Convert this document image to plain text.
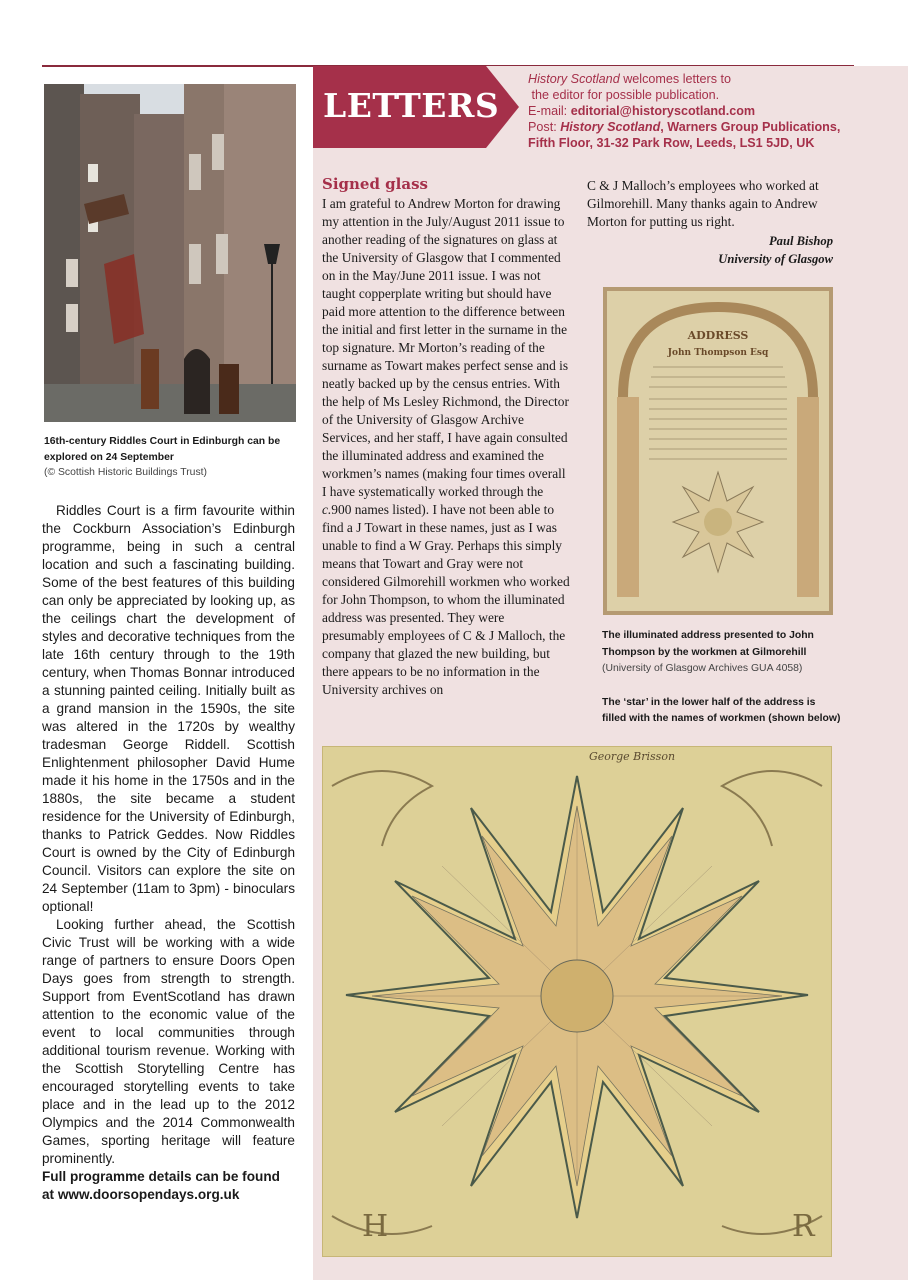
LETTERS
History Scotland welcomes letters to
the editor for possible publication.
E-mail: editorial@historyscotland.com
Post: History Scotland, Warners Group Publications,
Fifth Floor, 31-32 Park Row, Leeds, LS1 5JD, UK
16th-century Riddles Court in Edinburgh can be explored on 24 September
(© Scottish Historic Buildings Trust)

Riddles Court is a firm favourite within the Cockburn Association’s Edinburgh programme, being in such a central location and such a fascinating building. Some of the best features of this building can only be appreciated by looking up, as the ceilings chart the development of styles and decorative techniques from the late 16th century through to the 19th century, when Thomas Bonnar introduced a stunning painted ceiling. Initially built as a grand mansion in the 1590s, the site was altered in the 1720s by wealthy tradesman George Riddell. Scottish Enlightenment philosopher David Hume made it his home in the 1750s and in the 1880s, the site became a student residence for the University of Edinburgh, thanks to Patrick Geddes. Now Riddles Court is owned by the City of Edinburgh Council. Visitors can explore the site on 24 September (11am to 3pm) - binoculars optional!

Looking further ahead, the Scottish Civic Trust will be working with a wide range of partners to ensure Doors Open Days goes from strength to strength. Support from EventScotland has drawn attention to the economic value of the event to local communities through additional tourism revenue. Working with the Scottish Storytelling Centre has encouraged storytelling events to take place and in the lead up to the 2012 Olympics and the 2014 Commonwealth Games, sporting heritage will feature prominently.

Full programme details can be found at www.doorsopendays.org.uk

Signed glass
I am grateful to Andrew Morton for drawing my attention in the July/August 2011 issue to another reading of the signatures on glass at the University of Glasgow that I commented on in the May/June 2011 issue. I was not taught copperplate writing but should have paid more attention to the difference between the initial and first letter in the surname in the top signature. Mr Morton’s reading of the surname as Towart makes perfect sense and is neatly backed up by the census entries. With the help of Ms Lesley Richmond, the Director of the University of Glasgow Archive Services, and her staff, I have again consulted the illuminated address and examined the workmen’s names (making four times overall I have systematically worked through the c.900 names listed). I have not been able to find a J Towart in these names, just as I was unable to find a W Gray. Perhaps this simply means that Towart and Gray were not considered Gilmorehill workmen who worked for John Thompson, to whom the illuminated address was presented. They were presumably employees of C & J Malloch, the company that glazed the new building, but there appears to be no information in the University archives on
C & J Malloch’s employees who worked at Gilmorehill. Many thanks again to Andrew Morton for putting us right.
Paul Bishop
University of Glasgow
ADDRESS
John Thompson Esq
The illuminated address presented to John Thompson by the workmen at Gilmorehill
(University of Glasgow Archives GUA 4058)
The ‘star’ in the lower half of the address is filled with the names of workmen (shown below)
George Brisson
H	R
